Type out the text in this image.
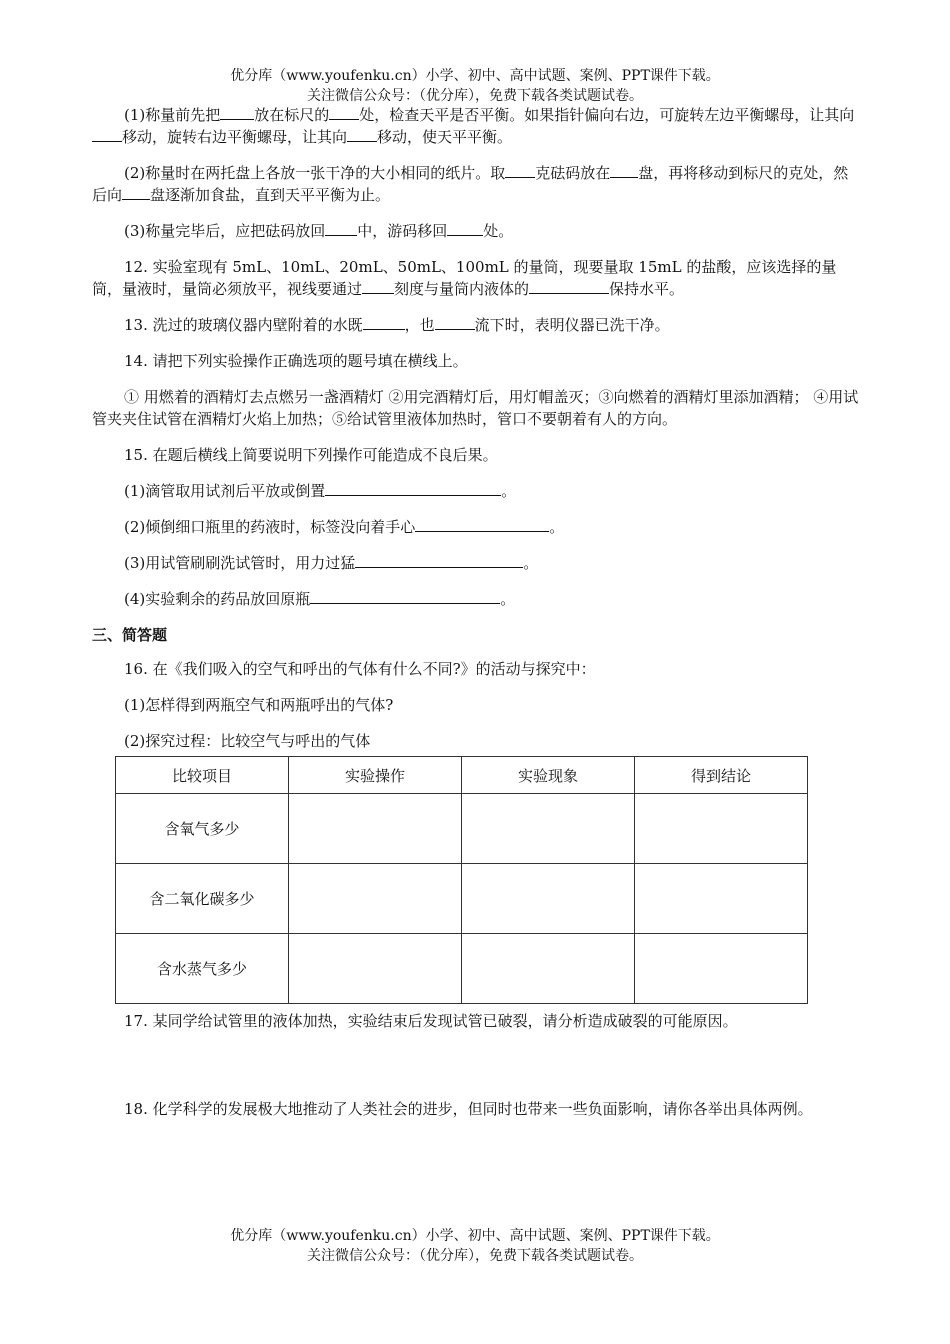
优分库（www.youfenku.cn）小学、初中、高中试题、案例、PPT课件下载。
关注微信公众号：（优分库），免费下载各类试题试卷。

(1)称量前先把 放在标尺的 处，检查天平是否平衡。如果指针偏向右边，可旋转左边平衡螺母，让其向移动，旋转右边平衡螺母，让其向 移动，使天平平衡。

(2)称量时在两托盘上各放一张干净的大小相同的纸片。取 克砝码放在 盘，再将移动到标尺的克处，然后向 盘逐渐加食盐，直到天平平衡为止。

(3)称量完毕后，应把砝码放回 中，游码移回 处。

12. 实验室现有 5mL、10mL、20mL、50mL、100mL 的量筒，现要量取 15mL 的盐酸，应该选择的量筒，量液时，量筒必须放平，视线要通过 刻度与量筒内液体的	保持水平。

13. 洗过的玻璃仪器内壁附着的水既	，也	流下时，表明仪器已洗干净。

14. 请把下列实验操作正确选项的题号填在横线上。

① 用燃着的酒精灯去点燃另一盏酒精灯 ②用完酒精灯后，用灯帽盖灭；③向燃着的酒精灯里添加酒精； ④用试管夹夹住试管在酒精灯火焰上加热；⑤给试管里液体加热时，管口不要朝着有人的方向。

15. 在题后横线上简要说明下列操作可能造成不良后果。

(1)滴管取用试剂后平放或倒置	。

(2)倾倒细口瓶里的药液时，标签没向着手心	。

(3)用试管刷刷洗试管时，用力过猛	。

(4)实验剩余的药品放回原瓶	。

三、简答题

16. 在《我们吸入的空气和呼出的气体有什么不同?》的活动与探究中：

(1)怎样得到两瓶空气和两瓶呼出的气体?

(2)探究过程：比较空气与呼出的气体

比较项目	实验操作	实验现象	得到结论
含氧气多少			
含二氧化碳多少			
含水蒸气多少			

17. 某同学给试管里的液体加热，实验结束后发现试管已破裂，请分析造成破裂的可能原因。

18. 化学科学的发展极大地推动了人类社会的进步，但同时也带来一些负面影响，请你各举出具体两例。

优分库（www.youfenku.cn）小学、初中、高中试题、案例、PPT课件下载。
关注微信公众号：（优分库），免费下载各类试题试卷。
